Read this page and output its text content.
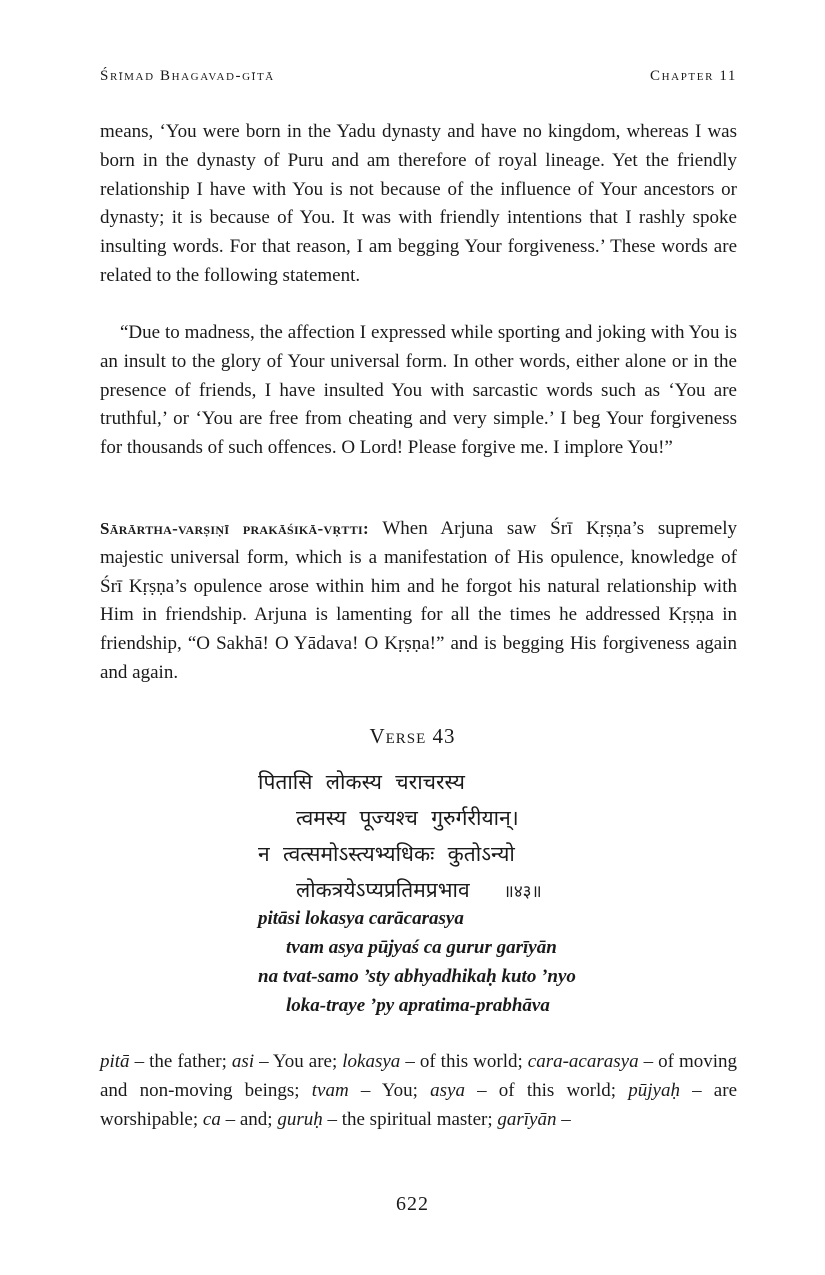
Śrīmad Bhagavad-gītā	Chapter 11

means, ‘You were born in the Yadu dynasty and have no kingdom, whereas I was born in the dynasty of Puru and am therefore of royal lineage. Yet the friendly relationship I have with You is not because of the influence of Your ancestors or dynasty; it is because of You. It was with friendly intentions that I rashly spoke insulting words. For that reason, I am begging Your forgiveness.’ These words are related to the following statement.

“Due to madness, the affection I expressed while sporting and joking with You is an insult to the glory of Your universal form. In other words, either alone or in the presence of friends, I have insulted You with sarcastic words such as ‘You are truthful,’ or ‘You are free from cheating and very simple.’ I beg Your forgiveness for thousands of such offences. O Lord! Please forgive me. I implore You!”

Sārārtha-varṣiṇī prakāśikā-vṛtti: When Arjuna saw Śrī Kṛṣṇa’s supremely majestic universal form, which is a manifestation of His opulence, knowledge of Śrī Kṛṣṇa’s opulence arose within him and he forgot his natural relationship with Him in friendship. Arjuna is lamenting for all the times he addressed Kṛṣṇa in friendship, “O Sakhā! O Yādava! O Kṛṣṇa!” and is begging His forgiveness again and again.

Verse 43
पितासि  लोकस्य  चराचरस्य
त्वमस्य  पूज्यश्च  गुरुर्गरीयान्।
न  त्वत्समोऽस्त्यभ्यधिकः  कुतोऽन्यो
लोकत्रयेऽप्यप्रतिमप्रभाव ॥४३॥
pitāsi lokasya carācarasya
tvam asya pūjyaś ca gurur garīyān
na tvat-samo ’sty abhyadhikaḥ kuto ’nyo
loka-traye ’py apratima-prabhāva

pitā – the father; asi – You are; lokasya – of this world; cara-acarasya – of moving and non-moving beings; tvam – You; asya – of this world; pūjyaḥ – are worshipable; ca – and; guruḥ – the spiritual master; garīyān –

622
